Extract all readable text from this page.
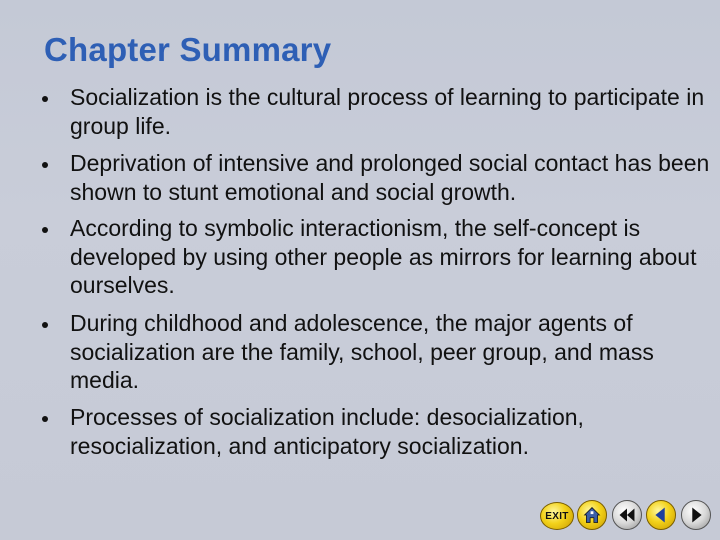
Chapter Summary
Socialization is the cultural process of learning to participate in group life.
Deprivation of intensive and prolonged social contact has been shown to stunt emotional and social growth.
According to symbolic interactionism, the self-concept is developed by using other people as mirrors for learning about ourselves.
During childhood and adolescence, the major agents of socialization are the family, school, peer group, and mass media.
Processes of socialization include: desocialization, resocialization, and anticipatory socialization.
EXIT
